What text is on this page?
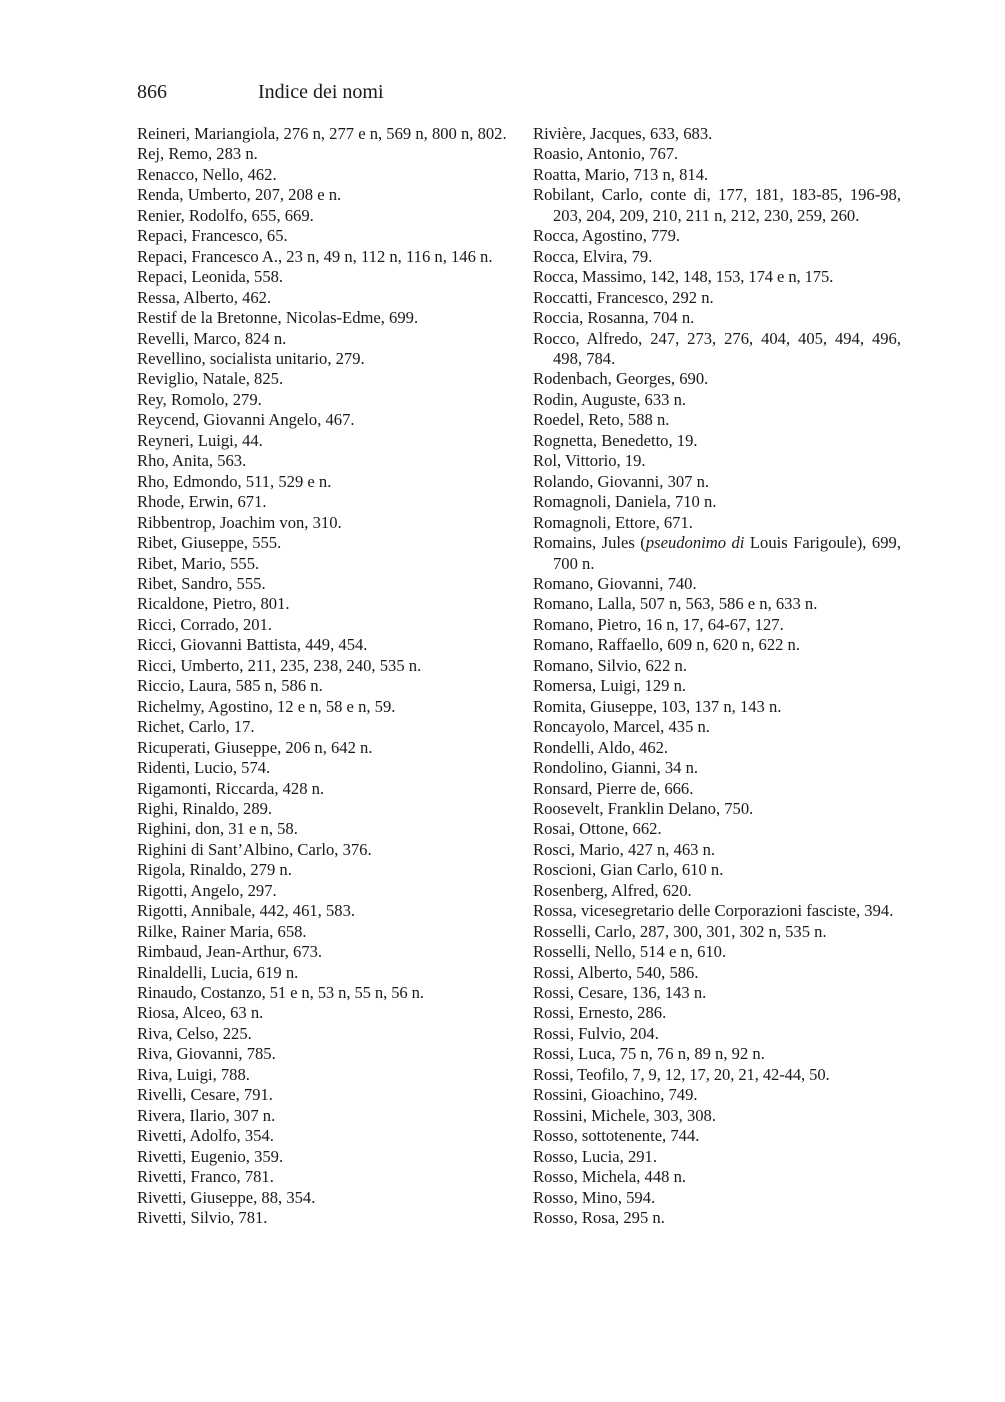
866	Indice dei nomi
Reineri, Mariangiola, 276 n, 277 e n, 569 n, 800 n, 802.
Rej, Remo, 283 n.
Renacco, Nello, 462.
Renda, Umberto, 207, 208 e n.
Renier, Rodolfo, 655, 669.
Repaci, Francesco, 65.
Repaci, Francesco A., 23 n, 49 n, 112 n, 116 n, 146 n.
Repaci, Leonida, 558.
Ressa, Alberto, 462.
Restif de la Bretonne, Nicolas-Edme, 699.
Revelli, Marco, 824 n.
Revellino, socialista unitario, 279.
Reviglio, Natale, 825.
Rey, Romolo, 279.
Reycend, Giovanni Angelo, 467.
Reyneri, Luigi, 44.
Rho, Anita, 563.
Rho, Edmondo, 511, 529 e n.
Rhode, Erwin, 671.
Ribbentrop, Joachim von, 310.
Ribet, Giuseppe, 555.
Ribet, Mario, 555.
Ribet, Sandro, 555.
Ricaldone, Pietro, 801.
Ricci, Corrado, 201.
Ricci, Giovanni Battista, 449, 454.
Ricci, Umberto, 211, 235, 238, 240, 535 n.
Riccio, Laura, 585 n, 586 n.
Richelmy, Agostino, 12 e n, 58 e n, 59.
Richet, Carlo, 17.
Ricuperati, Giuseppe, 206 n, 642 n.
Ridenti, Lucio, 574.
Rigamonti, Riccarda, 428 n.
Righi, Rinaldo, 289.
Righini, don, 31 e n, 58.
Righini di Sant’Albino, Carlo, 376.
Rigola, Rinaldo, 279 n.
Rigotti, Angelo, 297.
Rigotti, Annibale, 442, 461, 583.
Rilke, Rainer Maria, 658.
Rimbaud, Jean-Arthur, 673.
Rinaldelli, Lucia, 619 n.
Rinaudo, Costanzo, 51 e n, 53 n, 55 n, 56 n.
Riosa, Alceo, 63 n.
Riva, Celso, 225.
Riva, Giovanni, 785.
Riva, Luigi, 788.
Rivelli, Cesare, 791.
Rivera, Ilario, 307 n.
Rivetti, Adolfo, 354.
Rivetti, Eugenio, 359.
Rivetti, Franco, 781.
Rivetti, Giuseppe, 88, 354.
Rivetti, Silvio, 781.
Rivière, Jacques, 633, 683.
Roasio, Antonio, 767.
Roatta, Mario, 713 n, 814.
Robilant, Carlo, conte di, 177, 181, 183-85, 196-98, 203, 204, 209, 210, 211 n, 212, 230, 259, 260.
Rocca, Agostino, 779.
Rocca, Elvira, 79.
Rocca, Massimo, 142, 148, 153, 174 e n, 175.
Roccatti, Francesco, 292 n.
Roccia, Rosanna, 704 n.
Rocco, Alfredo, 247, 273, 276, 404, 405, 494, 496, 498, 784.
Rodenbach, Georges, 690.
Rodin, Auguste, 633 n.
Roedel, Reto, 588 n.
Rognetta, Benedetto, 19.
Rol, Vittorio, 19.
Rolando, Giovanni, 307 n.
Romagnoli, Daniela, 710 n.
Romagnoli, Ettore, 671.
Romains, Jules (pseudonimo di Louis Farigoule), 699, 700 n.
Romano, Giovanni, 740.
Romano, Lalla, 507 n, 563, 586 e n, 633 n.
Romano, Pietro, 16 n, 17, 64-67, 127.
Romano, Raffaello, 609 n, 620 n, 622 n.
Romano, Silvio, 622 n.
Romersa, Luigi, 129 n.
Romita, Giuseppe, 103, 137 n, 143 n.
Roncayolo, Marcel, 435 n.
Rondelli, Aldo, 462.
Rondolino, Gianni, 34 n.
Ronsard, Pierre de, 666.
Roosevelt, Franklin Delano, 750.
Rosai, Ottone, 662.
Rosci, Mario, 427 n, 463 n.
Roscioni, Gian Carlo, 610 n.
Rosenberg, Alfred, 620.
Rossa, vicesegretario delle Corporazioni fasciste, 394.
Rosselli, Carlo, 287, 300, 301, 302 n, 535 n.
Rosselli, Nello, 514 e n, 610.
Rossi, Alberto, 540, 586.
Rossi, Cesare, 136, 143 n.
Rossi, Ernesto, 286.
Rossi, Fulvio, 204.
Rossi, Luca, 75 n, 76 n, 89 n, 92 n.
Rossi, Teofilo, 7, 9, 12, 17, 20, 21, 42-44, 50.
Rossini, Gioachino, 749.
Rossini, Michele, 303, 308.
Rosso, sottotenente, 744.
Rosso, Lucia, 291.
Rosso, Michela, 448 n.
Rosso, Mino, 594.
Rosso, Rosa, 295 n.
